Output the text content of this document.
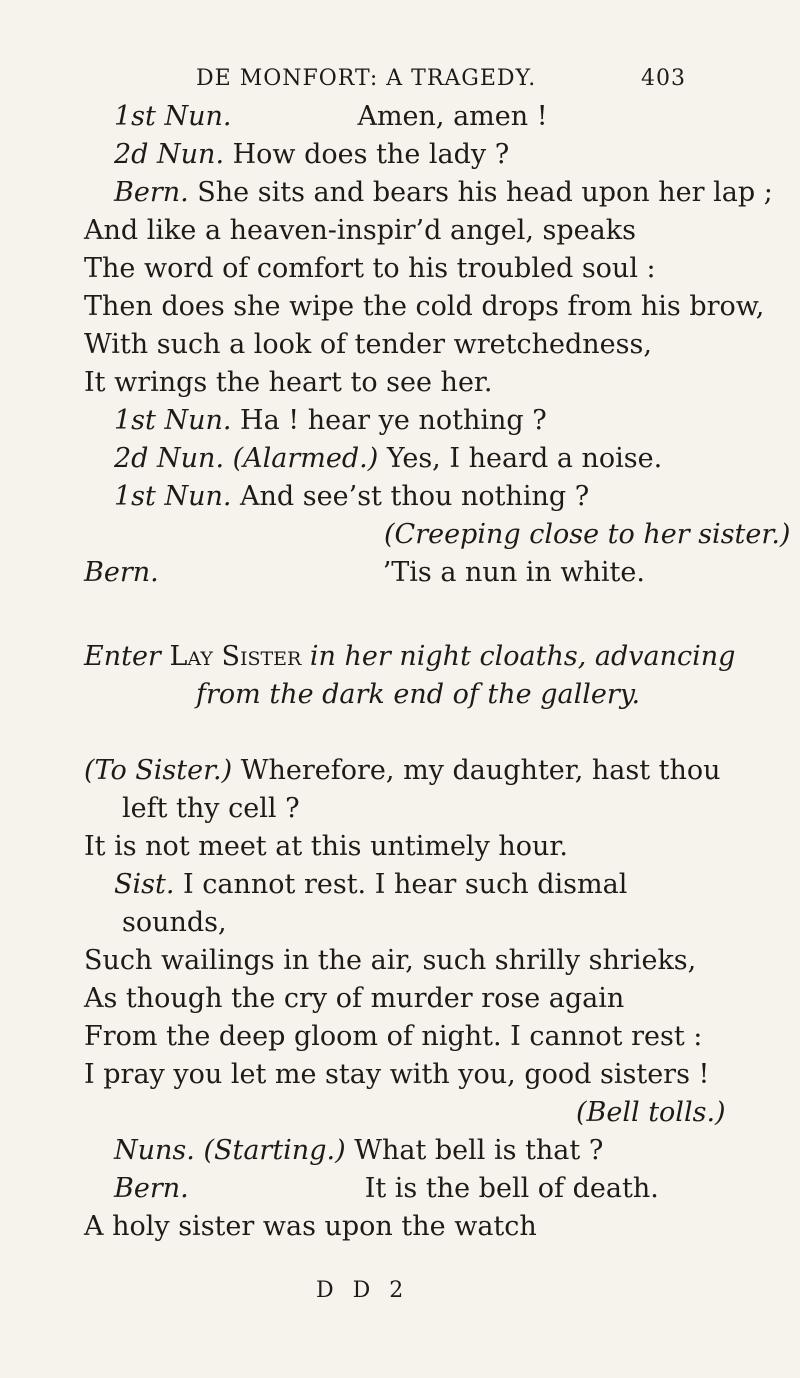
DE MONFORT: A TRAGEDY.	403
1st Nun.	Amen, amen !
2d Nun. How does the lady ?
Bern. She sits and bears his head upon her lap ;
And like a heaven-inspir’d angel, speaks
The word of comfort to his troubled soul :
Then does she wipe the cold drops from his brow,
With such a look of tender wretchedness,
It wrings the heart to see her.
1st Nun. Ha ! hear ye nothing ?
2d Nun. (Alarmed.) Yes, I heard a noise.
1st Nun. And see’st thou nothing ?
(Creeping close to her sister.)
Bern.	’Tis a nun in white.
Enter Lay Sister in her night cloaths, advancing
from the dark end of the gallery.
(To Sister.) Wherefore, my daughter, hast thou
left thy cell ?
It is not meet at this untimely hour.
Sist. I cannot rest. I hear such dismal
sounds,
Such wailings in the air, such shrilly shrieks,
As though the cry of murder rose again
From the deep gloom of night. I cannot rest :
I pray you let me stay with you, good sisters !
(Bell tolls.)
Nuns. (Starting.) What bell is that ?
Bern.	It is the bell of death.
A holy sister was upon the watch
D D 2
